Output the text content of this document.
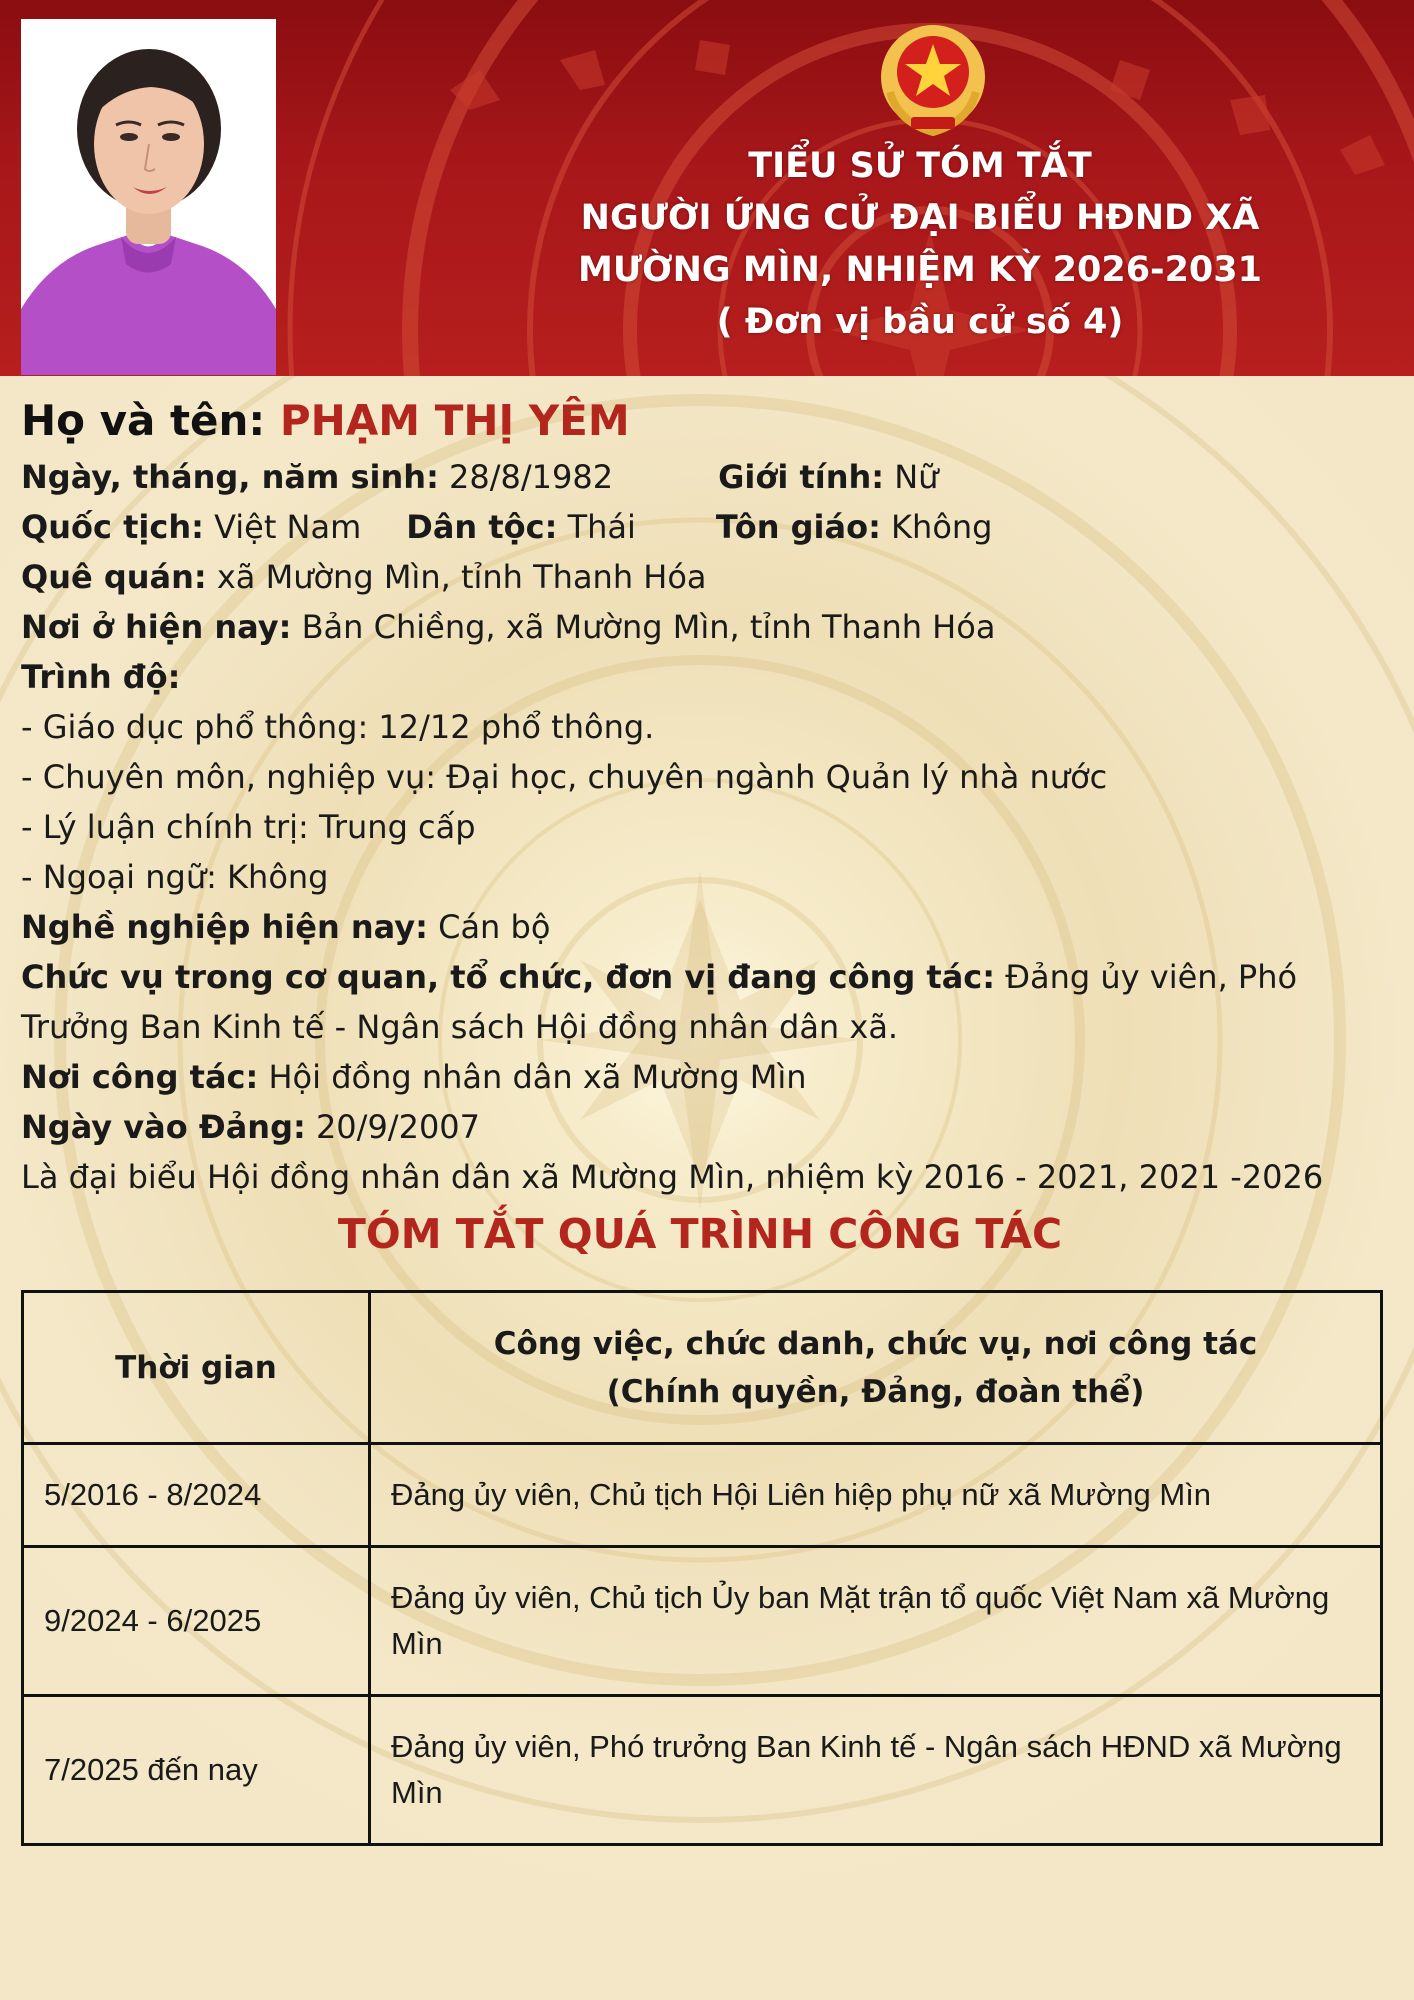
TIỂU SỬ TÓM TẮT
NGƯỜI ỨNG CỬ ĐẠI BIỂU HĐND XÃ
MƯỜNG MÌN, NHIỆM KỲ 2026-2031
( Đơn vị bầu cử số 4)
Họ và tên: PHẠM THỊ YÊM
Ngày, tháng, năm sinh: 28/8/1982	Giới tính: Nữ
Quốc tịch: Việt Nam Dân tộc: Thái	Tôn giáo: Không
Quê quán: xã Mường Mìn, tỉnh Thanh Hóa
Nơi ở hiện nay: Bản Chiềng, xã Mường Mìn, tỉnh Thanh Hóa
Trình độ:
- Giáo dục phổ thông: 12/12 phổ thông.
- Chuyên môn, nghiệp vụ: Đại học, chuyên ngành Quản lý nhà nước
- Lý luận chính trị: Trung cấp
- Ngoại ngữ: Không
Nghề nghiệp hiện nay: Cán bộ
Chức vụ trong cơ quan, tổ chức, đơn vị đang công tác: Đảng ủy viên, Phó Trưởng Ban Kinh tế - Ngân sách Hội đồng nhân dân xã.
Nơi công tác: Hội đồng nhân dân xã Mường Mìn
Ngày vào Đảng: 20/9/2007
Là đại biểu Hội đồng nhân dân xã Mường Mìn, nhiệm kỳ 2016 - 2021, 2021 -2026
TÓM TẮT QUÁ TRÌNH CÔNG TÁC
Thời gian	Công việc, chức danh, chức vụ, nơi công tác
(Chính quyền, Đảng, đoàn thể)

5/2016 - 8/2024	Đảng ủy viên, Chủ tịch Hội Liên hiệp phụ nữ xã Mường Mìn
9/2024 - 6/2025	Đảng ủy viên, Chủ tịch Ủy ban Mặt trận tổ quốc Việt Nam xã Mường Mìn
7/2025 đến nay	Đảng ủy viên, Phó trưởng Ban Kinh tế - Ngân sách HĐND xã Mường Mìn
